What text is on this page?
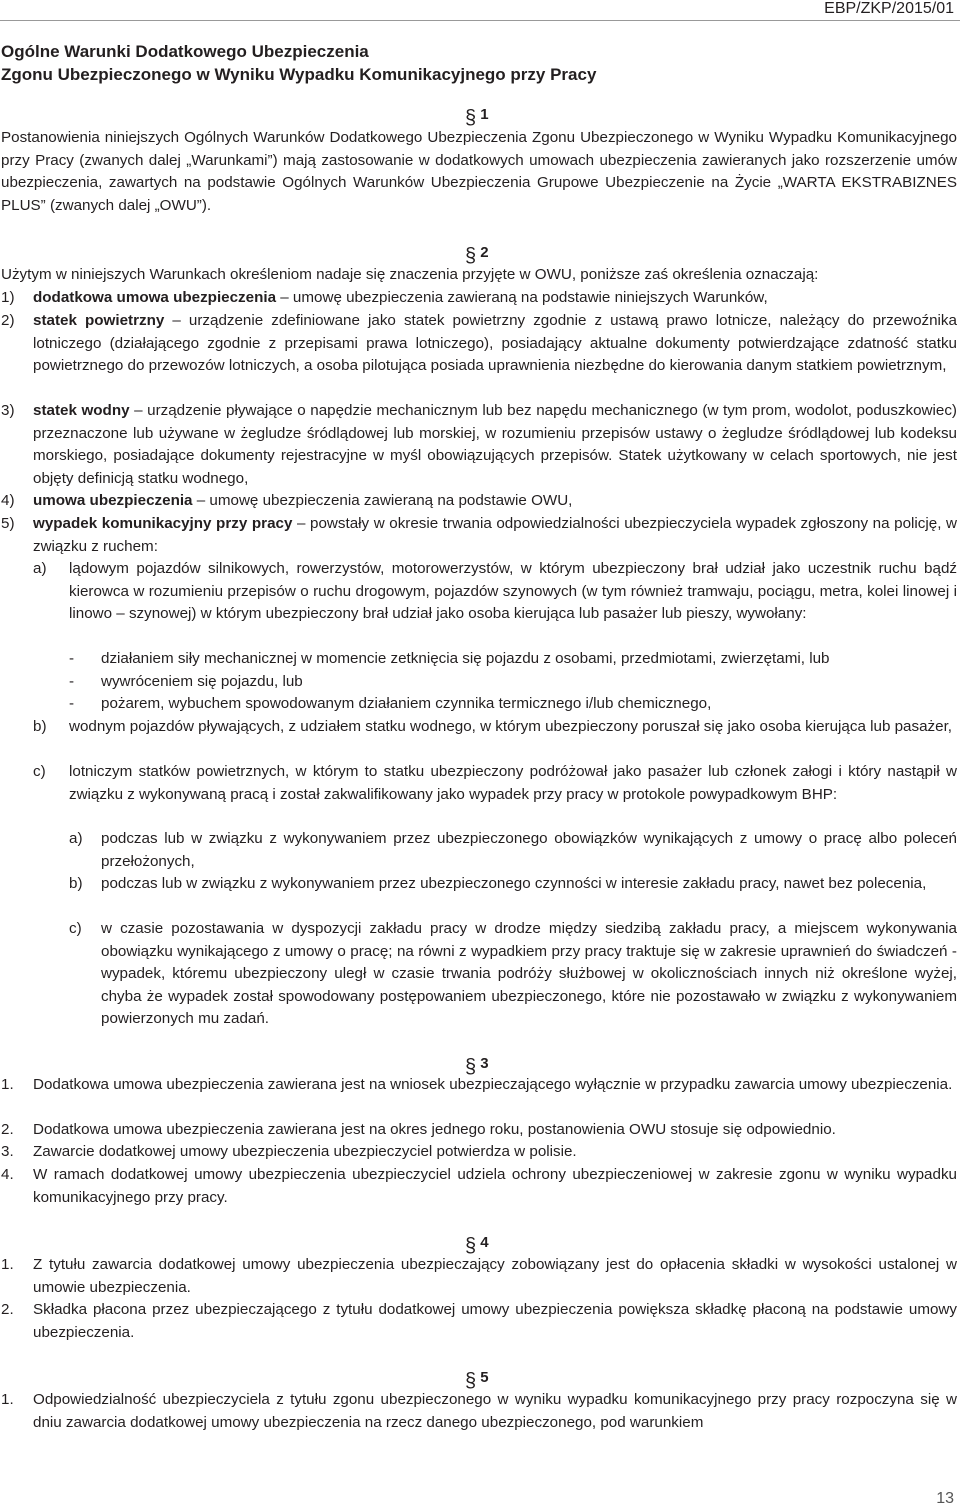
EBP/ZKP/2015/01
Ogólne Warunki Dodatkowego Ubezpieczenia
Zgonu Ubezpieczonego w Wyniku Wypadku Komunikacyjnego przy Pracy
§ 1
Postanowienia niniejszych Ogólnych Warunków Dodatkowego Ubezpieczenia Zgonu Ubezpieczonego w Wyniku Wypadku Komunikacyjnego przy Pracy (zwanych dalej „Warunkami”) mają zastosowanie w dodatkowych umowach ubezpieczenia zawieranych jako rozszerzenie umów ubezpieczenia, zawartych na podstawie Ogólnych Warunków Ubezpieczenia Grupowe Ubezpieczenie na Życie „WARTA EKSTRABIZNES PLUS” (zwanych dalej „OWU”).
§ 2
Użytym w niniejszych Warunkach określeniom nadaje się znaczenia przyjęte w OWU, poniższe zaś określenia oznaczają:
1) dodatkowa umowa ubezpieczenia – umowę ubezpieczenia zawieraną na podstawie niniejszych Warunków,
2) statek powietrzny – urządzenie zdefiniowane jako statek powietrzny zgodnie z ustawą prawo lotnicze, należący do przewoźnika lotniczego (działającego zgodnie z przepisami prawa lotniczego), posiadający aktualne dokumenty potwierdzające zdatność statku powietrznego do przewozów lotniczych, a osoba pilotująca posiada uprawnienia niezbędne do kierowania danym statkiem powietrznym,
3) statek wodny – urządzenie pływające o napędzie mechanicznym lub bez napędu mechanicznego (w tym prom, wodolot, poduszkowiec) przeznaczone lub używane w żegludze śródlądowej lub morskiej, w rozumieniu przepisów ustawy o żegludze śródlądowej lub kodeksu morskiego, posiadające dokumenty rejestracyjne w myśl obowiązujących przepisów. Statek użytkowany w celach sportowych, nie jest objęty definicją statku wodnego,
4) umowa ubezpieczenia – umowę ubezpieczenia zawieraną na podstawie OWU,
5) wypadek komunikacyjny przy pracy – powstały w okresie trwania odpowiedzialności ubezpieczyciela wypadek zgłoszony na policję, w związku z ruchem:
a) lądowym pojazdów silnikowych, rowerzystów, motorowerzystów, w którym ubezpieczony brał udział jako uczestnik ruchu bądź kierowca w rozumieniu przepisów o ruchu drogowym, pojazdów szynowych (w tym również tramwaju, pociągu, metra, kolei linowej i linowo – szynowej) w którym ubezpieczony brał udział jako osoba kierująca lub pasażer lub pieszy, wywołany:
- działaniem siły mechanicznej w momencie zetknięcia się pojazdu z osobami, przedmiotami, zwierzętami, lub
- wywróceniem się pojazdu, lub
- pożarem, wybuchem spowodowanym działaniem czynnika termicznego i/lub chemicznego,
b) wodnym pojazdów pływających, z udziałem statku wodnego, w którym ubezpieczony poruszał się jako osoba kierująca lub pasażer,
c) lotniczym statków powietrznych, w którym to statku ubezpieczony podróżował jako pasażer lub członek załogi i który nastąpił w związku z wykonywaną pracą i został zakwalifikowany jako wypadek przy pracy w protokole powypadkowym BHP:
a) podczas lub w związku z wykonywaniem przez ubezpieczonego obowiązków wynikających z umowy o pracę albo poleceń przełożonych,
b) podczas lub w związku z wykonywaniem przez ubezpieczonego czynności w interesie zakładu pracy, nawet bez polecenia,
c) w czasie pozostawania w dyspozycji zakładu pracy w drodze między siedzibą zakładu pracy, a miejscem wykonywania obowiązku wynikającego z umowy o pracę; na równi z wypadkiem przy pracy traktuje się w zakresie uprawnień do świadczeń - wypadek, któremu ubezpieczony uległ w czasie trwania podróży służbowej w okolicznościach innych niż określone wyżej, chyba że wypadek został spowodowany postępowaniem ubezpieczonego, które nie pozostawało w związku z wykonywaniem powierzonych mu zadań.
§ 3
1. Dodatkowa umowa ubezpieczenia zawierana jest na wniosek ubezpieczającego wyłącznie w przypadku zawarcia umowy ubezpieczenia.
2. Dodatkowa umowa ubezpieczenia zawierana jest na okres jednego roku, postanowienia OWU stosuje się odpowiednio.
3. Zawarcie dodatkowej umowy ubezpieczenia ubezpieczyciel potwierdza w polisie.
4. W ramach dodatkowej umowy ubezpieczenia ubezpieczyciel udziela ochrony ubezpieczeniowej w zakresie zgonu w wyniku wypadku komunikacyjnego przy pracy.
§ 4
1. Z tytułu zawarcia dodatkowej umowy ubezpieczenia ubezpieczający zobowiązany jest do opłacenia składki w wysokości ustalonej w umowie ubezpieczenia.
2. Składka płacona przez ubezpieczającego z tytułu dodatkowej umowy ubezpieczenia powiększa składkę płaconą na podstawie umowy ubezpieczenia.
§ 5
1. Odpowiedzialność ubezpieczyciela z tytułu zgonu ubezpieczonego w wyniku wypadku komunikacyjnego przy pracy rozpoczyna się w dniu zawarcia dodatkowej umowy ubezpieczenia na rzecz danego ubezpieczonego, pod warunkiem
13
